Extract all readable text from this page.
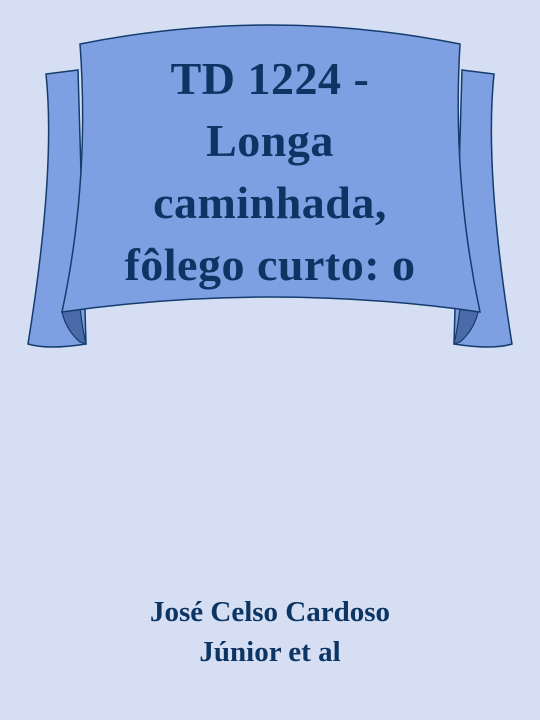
TD 1224 -
Longa
caminhada,
fôlego curto: o
José Celso Cardoso
Júnior et al
